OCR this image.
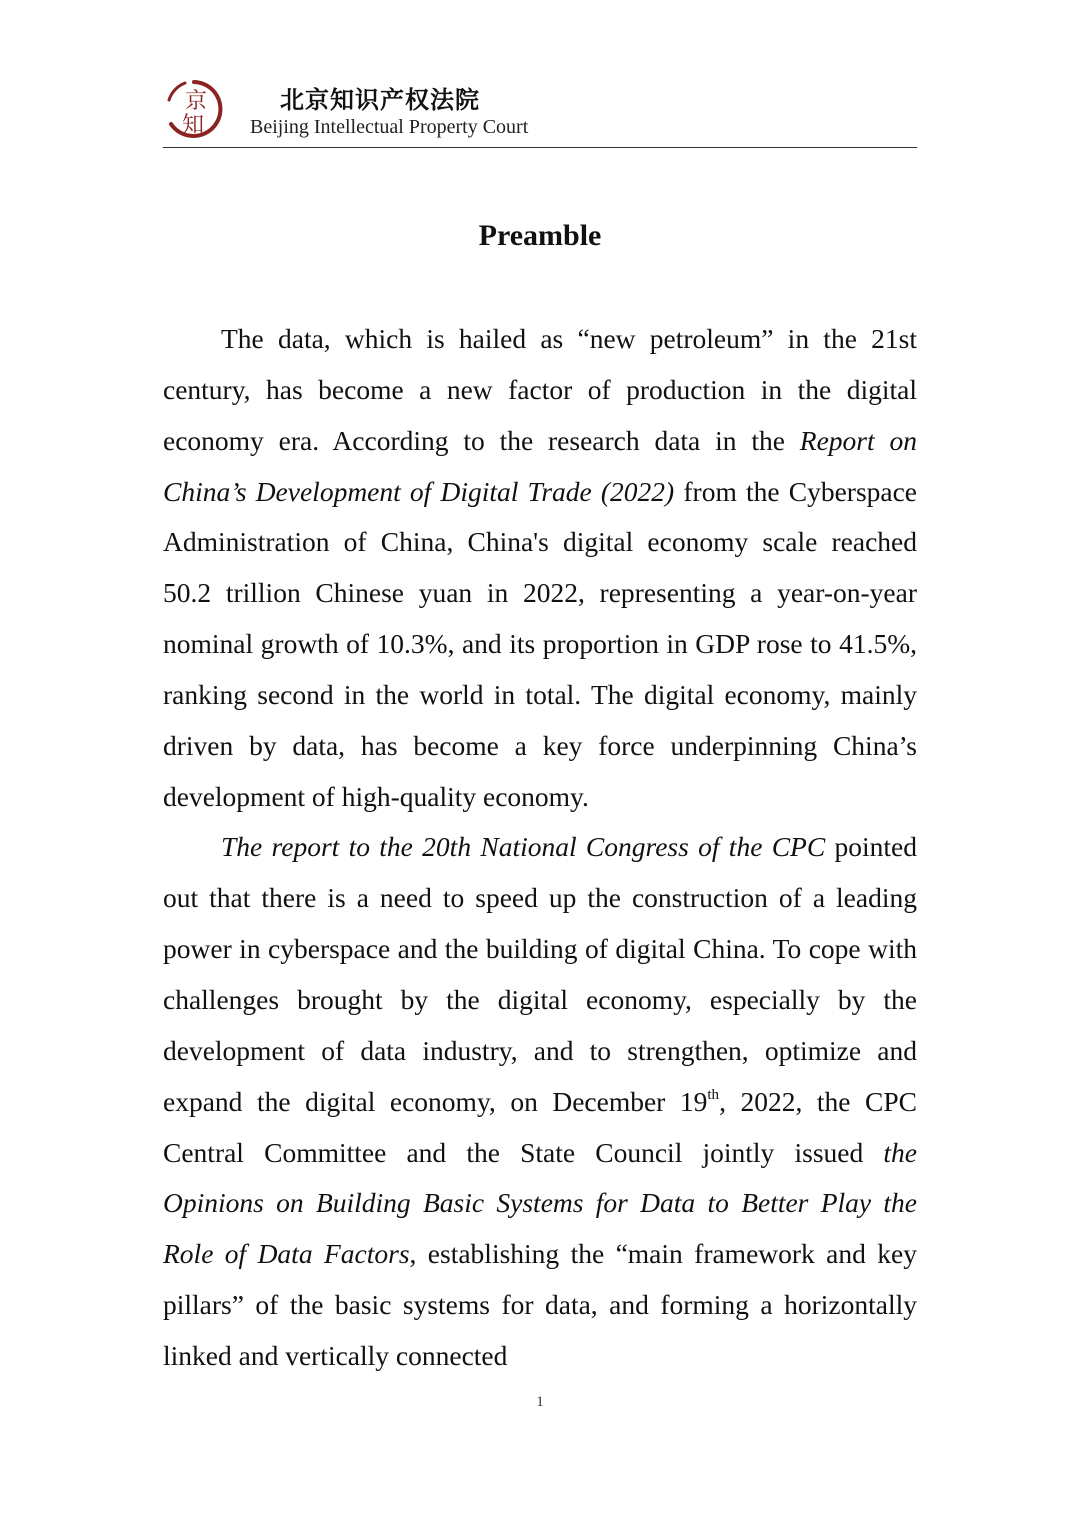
京
知
北京知识产权法院
Beijing Intellectual Property Court
Preamble

The data, which is hailed as “new petroleum” in the 21st century, has become a new factor of production in the digital economy era. According to the research data in the Report on China’s Development of Digital Trade (2022) from the Cyberspace Administration of China, China's digital economy scale reached 50.2 trillion Chinese yuan in 2022, representing a year-on-year nominal growth of 10.3%, and its proportion in GDP rose to 41.5%, ranking second in the world in total. The digital economy, mainly driven by data, has become a key force underpinning China’s development of high-quality economy.

The report to the 20th National Congress of the CPC pointed out that there is a need to speed up the construction of a leading power in cyberspace and the building of digital China. To cope with challenges brought by the digital economy, especially by the development of data industry, and to strengthen, optimize and expand the digital economy, on December 19th, 2022, the CPC Central Committee and the State Council jointly issued the Opinions on Building Basic Systems for Data to Better Play the Role of Data Factors, establishing the “main framework and key pillars” of the basic systems for data, and forming a horizontally linked and vertically connected

1
